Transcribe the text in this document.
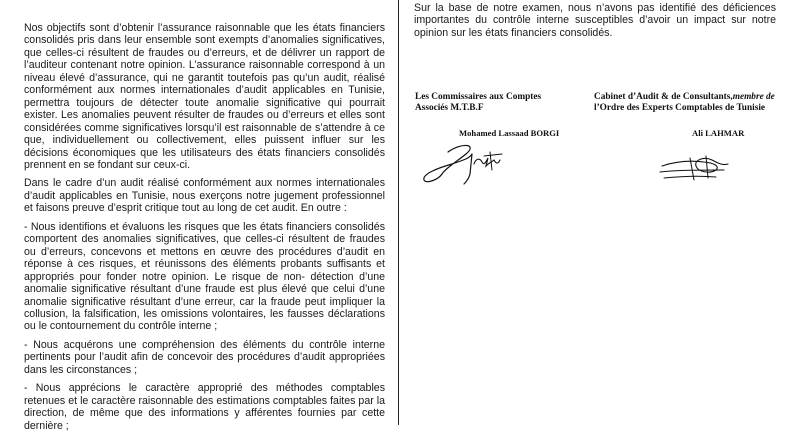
Nos objectifs sont d’obtenir l’assurance raisonnable que les états financiers consolidés pris dans leur ensemble sont exempts d’anomalies significatives, que celles-ci résultent de fraudes ou d’erreurs, et de délivrer un rapport de l’auditeur contenant notre opinion. L’assurance raisonnable correspond à un niveau élevé d’assurance, qui ne garantit toutefois pas qu’un audit, réalisé conformément aux normes internationales d’audit applicables en Tunisie, permettra toujours de détecter toute anomalie significative qui pourrait exister. Les anomalies peuvent résulter de fraudes ou d’erreurs et elles sont considérées comme significatives lorsqu’il est raisonnable de s’attendre à ce que, individuellement ou collectivement, elles puissent influer sur les décisions économiques que les utilisateurs des états financiers consolidés prennent en se fondant sur ceux-ci.

Dans le cadre d’un audit réalisé conformément aux normes internationales d’audit applicables en Tunisie, nous exerçons notre jugement professionnel et faisons preuve d’esprit critique tout au long de cet audit. En outre :

- Nous identifions et évaluons les risques que les états financiers consolidés comportent des anomalies significatives, que celles-ci résultent de fraudes ou d’erreurs, concevons et mettons en œuvre des procédures d’audit en réponse à ces risques, et réunissons des éléments probants suffisants et appropriés pour fonder notre opinion. Le risque de non- détection d’une anomalie significative résultant d’une fraude est plus élevé que celui d’une anomalie significative résultant d’une erreur, car la fraude peut impliquer la collusion, la falsification, les omissions volontaires, les fausses déclarations ou le contournement du contrôle interne ;

- Nous acquérons une compréhension des éléments du contrôle interne pertinents pour l’audit afin de concevoir des procédures d’audit appropriées dans les circonstances ;

- Nous apprécions le caractère approprié des méthodes comptables retenues et le caractère raisonnable des estimations comptables faites par la direction, de même que des informations y afférentes fournies par cette dernière ;

Sur la base de notre examen, nous n’avons pas identifié des déficiences importantes du contrôle interne susceptibles d’avoir un impact sur notre opinion sur les états financiers consolidés.

Les Commissaires aux Comptes
Associés M.T.B.F
Cabinet d’Audit & de Consultants,membre de
l’Ordre des Experts Comptables de Tunisie
Mohamed Lassaad BORGI	Ali LAHMAR
